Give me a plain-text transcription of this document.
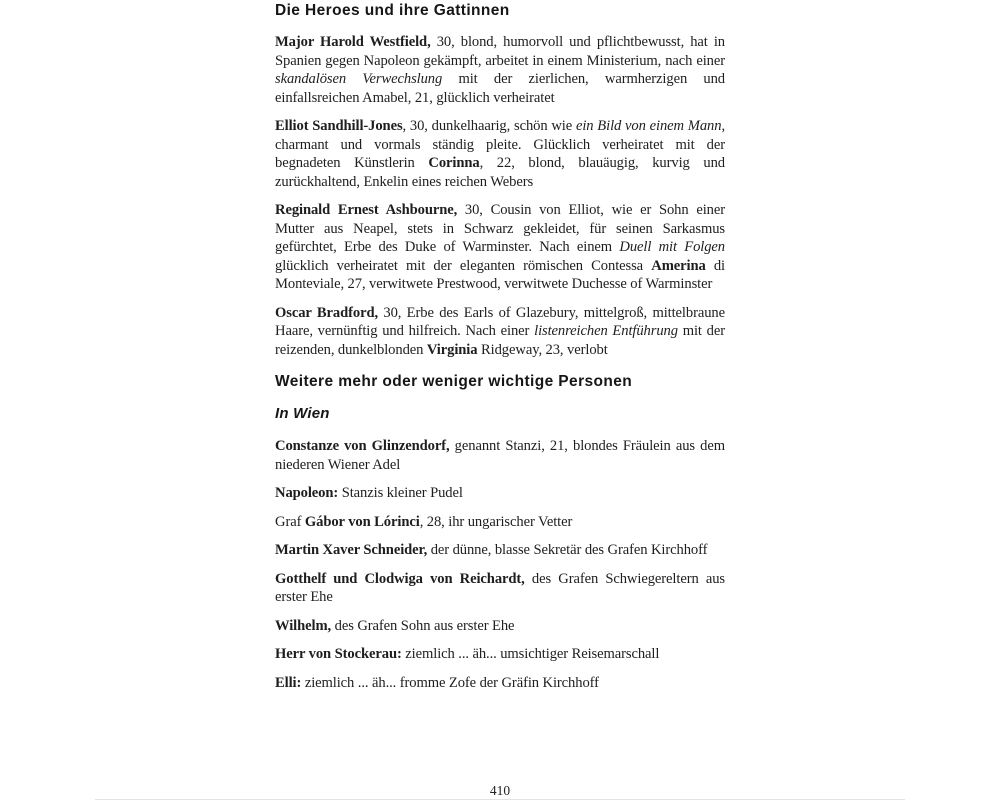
Die Heroes und ihre Gattinnen

Major Harold Westfield, 30, blond, humorvoll und pflichtbewusst, hat in Spanien gegen Napoleon gekämpft, arbeitet in einem Ministerium, nach einer skandalösen Verwechslung mit der zierlichen, warmherzigen und einfallsreichen Amabel, 21, glücklich verheiratet

Elliot Sandhill-Jones, 30, dunkelhaarig, schön wie ein Bild von einem Mann, charmant und vormals ständig pleite. Glücklich verheiratet mit der begnadeten Künstlerin Corinna, 22, blond, blauäugig, kurvig und zurückhaltend, Enkelin eines reichen Webers

Reginald Ernest Ashbourne, 30, Cousin von Elliot, wie er Sohn einer Mutter aus Neapel, stets in Schwarz gekleidet, für seinen Sarkasmus gefürchtet, Erbe des Duke of Warminster. Nach einem Duell mit Folgen glücklich verheiratet mit der eleganten römischen Contessa Amerina di Monteviale, 27, verwitwete Prestwood, verwitwete Duchesse of Warminster

Oscar Bradford, 30, Erbe des Earls of Glazebury, mittelgroß, mittelbraune Haare, vernünftig und hilfreich. Nach einer listenreichen Entführung mit der reizenden, dunkelblonden Virginia Ridgeway, 23, verlobt

Weitere mehr oder weniger wichtige Personen
In Wien

Constanze von Glinzendorf, genannt Stanzi, 21, blondes Fräulein aus dem niederen Wiener Adel

Napoleon: Stanzis kleiner Pudel

Graf Gábor von Lórinci, 28, ihr ungarischer Vetter

Martin Xaver Schneider, der dünne, blasse Sekretär des Grafen Kirchhoff

Gotthelf und Clodwiga von Reichardt, des Grafen Schwiegereltern aus erster Ehe

Wilhelm, des Grafen Sohn aus erster Ehe

Herr von Stockerau: ziemlich ... äh... umsichtiger Reisemarschall

Elli: ziemlich ... äh... fromme Zofe der Gräfin Kirchhoff

410
